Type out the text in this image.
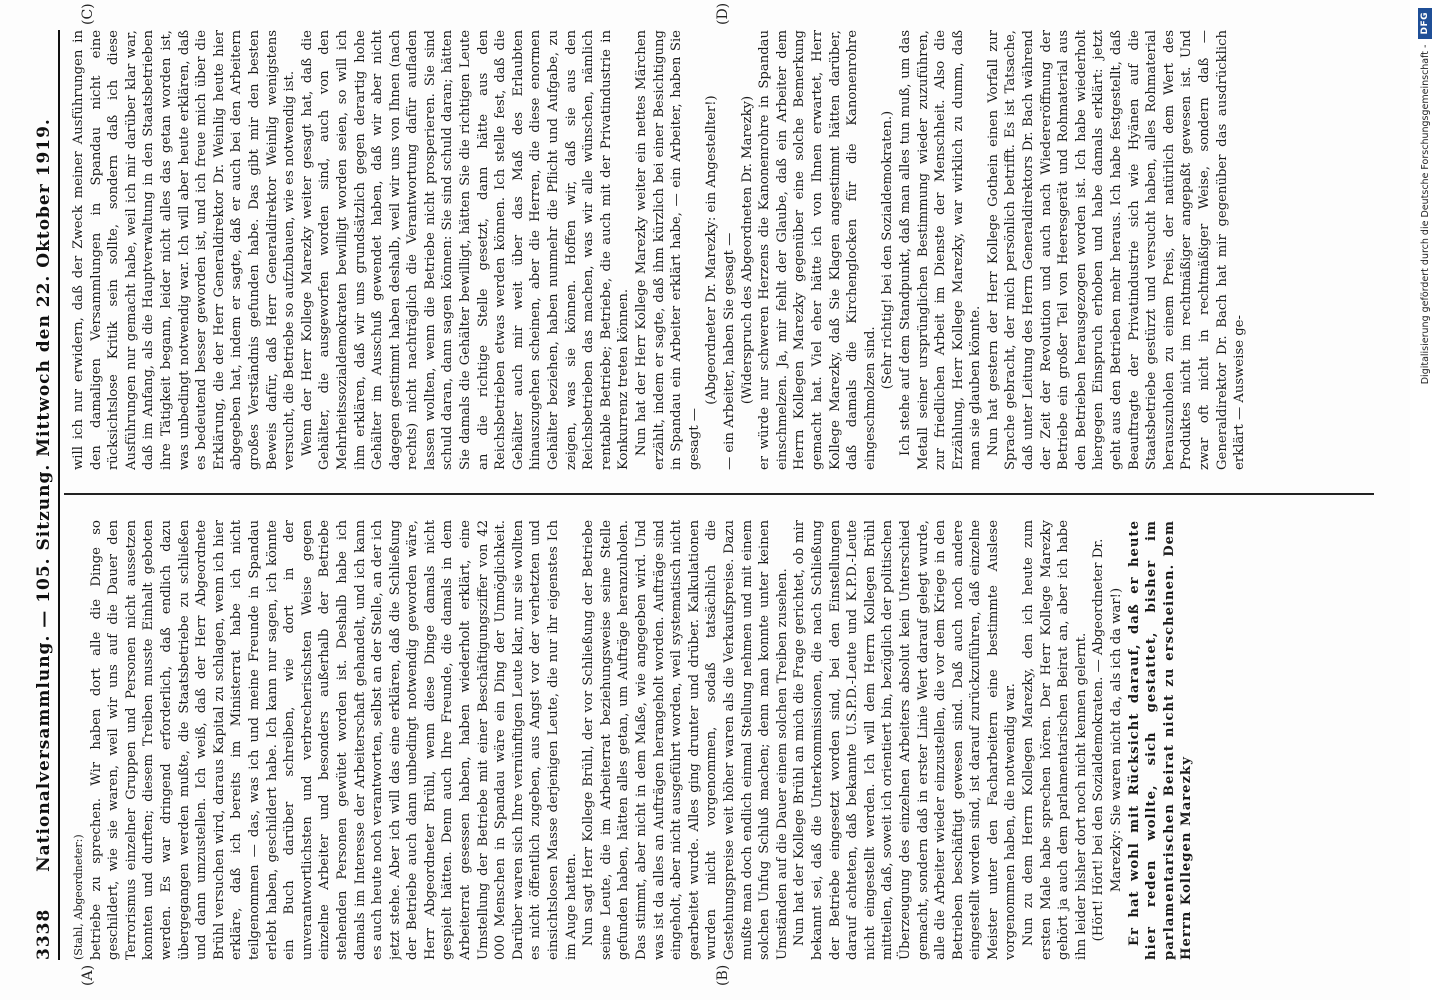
3338
Nationalversammlung. — 105. Sitzung. Mittwoch den 22. Oktober 1919.
(A)	(B)
(C)	(D)

(Stahl, Abgeordneter:) betriebe zu sprechen. Wir haben dort alle die Dinge so geschildert, wie sie waren, weil wir uns auf die Dauer den Terrorismus einzelner Gruppen und Personen nicht aussetzen konnten und durften; diesem Treiben musste Einhalt geboten werden. Es war dringend erforderlich, daß endlich dazu übergegangen werden mußte, die Staatsbetriebe zu schließen und dann umzustellen. Ich weiß, daß der Herr Abgeordnete Brühl versuchen wird, daraus Kapital zu schlagen, wenn ich hier erkläre, daß ich bereits im Ministerrat habe ich nicht teilgenommen — das, was ich und meine Freunde in Spandau erlebt haben, geschildert habe. Ich kann nur sagen, ich könnte ein Buch darüber schreiben, wie dort in der unverantwortlichsten und verbrecherischsten Weise gegen einzelne Arbeiter und besonders außerhalb der Betriebe stehenden Personen gewütet worden ist. Deshalb habe ich damals im Interesse der Arbeiterschaft gehandelt, und ich kann es auch heute noch verantworten, selbst an der Stelle, an der ich jetzt stehe. Aber ich will das eine erklären, daß die Schließung der Betriebe auch dann unbedingt notwendig geworden wäre, Herr Abgeordneter Brühl, wenn diese Dinge damals nicht gespielt hätten. Denn auch Ihre Freunde, die damals in dem Arbeiterrat gesessen haben, haben wiederholt erklärt, eine Umstellung der Betriebe mit einer Beschäftigungsziffer von 42 000 Menschen in Spandau wäre ein Ding der Unmöglichkeit. Darüber waren sich Ihre vernünftigen Leute klar, nur sie wollten es nicht öffentlich zugeben, aus Angst vor der verhetzten und einsichtslosen Masse derjenigen Leute, die nur ihr eigenstes Ich im Auge hatten. Nun sagt Herr Kollege Brühl, der vor Schließung der Betriebe seine Leute, die im Arbeiterrat beziehungsweise seine Stelle gefunden haben, hätten alles getan, um Aufträge heranzuholen. Das stimmt, aber nicht in dem Maße, wie angegeben wird. Und was ist da alles an Aufträgen herangeholt worden. Aufträge sind eingeholt, aber nicht ausgeführt worden, weil systematisch nicht gearbeitet wurde. Alles ging drunter und drüber. Kalkulationen wurden nicht vorgenommen, sodaß tatsächlich die Gestehungspreise weit höher waren als die Verkaufspreise. Dazu mußte man doch endlich einmal Stellung nehmen und mit einem solchen Unfug Schluß machen; denn man konnte unter keinen Umständen auf die Dauer einem solchen Treiben zusehen. Nun hat der Kollege Brühl an mich die Frage gerichtet, ob mir bekannt sei, daß die Unterkommissionen, die nach Schließung der Betriebe eingesetzt worden sind, bei den Einstellungen darauf achteten, daß bekannte U.S.P.D.-Leute und K.P.D.-Leute nicht eingestellt werden. Ich will dem Herrn Kollegen Brühl mitteilen, daß, soweit ich orientiert bin, bezüglich der politischen Überzeugung des einzelnen Arbeiters absolut kein Unterschied gemacht, sondern daß in erster Linie Wert darauf gelegt wurde, alle die Arbeiter wieder einzustellen, die vor dem Kriege in den Betrieben beschäftigt gewesen sind. Daß auch noch andere eingestellt worden sind, ist darauf zurückzuführen, daß einzelne Meister unter den Facharbeitern eine bestimmte Auslese vorgenommen haben, die notwendig war. Nun zu dem Herrn Kollegen Marezky, den ich heute zum ersten Male habe sprechen hören. Der Herr Kollege Marezky gehört ja auch dem parlamentarischen Beirat an, aber ich habe ihn leider bisher dort noch nicht kennen gelernt. (Hört! Hört! bei den Sozialdemokraten. — Abgeordneter Dr. Marezky: Sie waren nicht da, als ich da war!) Er hat wohl mit Rücksicht darauf, daß er heute hier reden wollte, sich gestattet, bisher im parlamentarischen Beirat nicht zu erscheinen. Dem Herrn Kollegen Marezky

will ich nur erwidern, daß der Zweck meiner Ausführungen in den damaligen Versammlungen in Spandau nicht eine rücksichtslose Kritik sein sollte, sondern daß ich diese Ausführungen nur gemacht habe, weil ich mir darüber klar war, daß im Anfang, als die Hauptverwaltung in den Staatsbetrieben ihre Tätigkeit begann, leider nicht alles das getan worden ist, was unbedingt notwendig war. Ich will aber heute erklären, daß es bedeutend besser geworden ist, und ich freue mich über die Erklärung, die der Herr Generaldirektor Dr. Weinlig heute hier abgegeben hat, indem er sagte, daß er auch bei den Arbeitern großes Verständnis gefunden habe. Das gibt mir den besten Beweis dafür, daß Herr Generaldirektor Weinlig wenigstens versucht, die Betriebe so aufzubauen, wie es notwendig ist. Wenn der Herr Kollege Marezky weiter gesagt hat, daß die Gehälter, die ausgeworfen worden sind, auch von den Mehrheitssozialdemokraten bewilligt worden seien, so will ich ihm erklären, daß wir uns grundsätzlich gegen derartig hohe Gehälter im Ausschuß gewendet haben, daß wir aber nicht dagegen gestimmt haben deshalb, weil wir uns von Ihnen (nach rechts) nicht nachträglich die Verantwortung dafür aufladen lassen wollten, wenn die Betriebe nicht prosperieren. Sie sind schuld daran, dann sagen können: Sie sind schuld daran; hätten Sie damals die Gehälter bewilligt, hätten Sie die richtigen Leute an die richtige Stelle gesetzt, dann hätte aus den Reichsbetrieben etwas werden können. Ich stelle fest, daß die Gehälter auch mir weit über das Maß des Erlaubten hinauszugehen scheinen, aber die Herren, die diese enormen Gehälter beziehen, haben nunmehr die Pflicht und Aufgabe, zu zeigen, was sie können. Hoffen wir, daß sie aus den Reichsbetrieben das machen, was wir alle wünschen, nämlich rentable Betriebe; Betriebe, die auch mit der Privatindustrie in Konkurrenz treten können. Nun hat der Herr Kollege Marezky weiter ein nettes Märchen erzählt, indem er sagte, daß ihm kürzlich bei einer Besichtigung in Spandau ein Arbeiter erklärt habe, — ein Arbeiter, haben Sie gesagt —

(Abgeordneter Dr. Marezky: ein Angestellter!) — ein Arbeiter, haben Sie gesagt — (Widerspruch des Abgeordneten Dr. Marezky) er würde nur schweren Herzens die Kanonenrohre in Spandau einschmelzen. Ja, mir fehlt der Glaube, daß ein Arbeiter dem Herrn Kollegen Marezky gegenüber eine solche Bemerkung gemacht hat. Viel eher hätte ich von Ihnen erwartet, Herr Kollege Marezky, daß Sie Klagen angestimmt hätten darüber, daß damals die Kirchenglocken für die Kanonenrohre eingeschmolzen sind.

(Sehr richtig! bei den Sozialdemokraten.) Ich stehe auf dem Standpunkt, daß man alles tun muß, um das Metall seiner ursprünglichen Bestimmung wieder zuzuführen, zur friedlichen Arbeit im Dienste der Menschheit. Also die Erzählung, Herr Kollege Marezky, war wirklich zu dumm, daß man sie glauben könnte. Nun hat gestern der Herr Kollege Gothein einen Vorfall zur Sprache gebracht, der mich persönlich betrifft. Es ist Tatsache, daß unter Leitung des Herrn Generaldirektors Dr. Bach während der Zeit der Revolution und auch nach Wiedereröffnung der Betriebe ein großer Teil von Heeresgerät und Rohmaterial aus den Betrieben herausgezogen worden ist. Ich habe wiederholt hiergegen Einspruch erhoben und habe damals erklärt: jetzt geht aus den Betrieben mehr heraus. Ich habe festgestellt, daß Beauftragte der Privatindustrie sich wie Hyänen auf die Staatsbetriebe gestürzt und versucht haben, alles Rohmaterial herauszuholen zu einem Preis, der natürlich dem Wert des Produktes nicht im rechtmäßiger angepaßt gewesen ist. Und zwar oft nicht in rechtmäßiger Weise, sondern daß — Generaldirektor Dr. Bach hat mir gegenüber das ausdrücklich erklärt — Ausweise ge-

Digitalisierung gefördert durch die Deutsche Forschungsgemeinschaft -
DFG
